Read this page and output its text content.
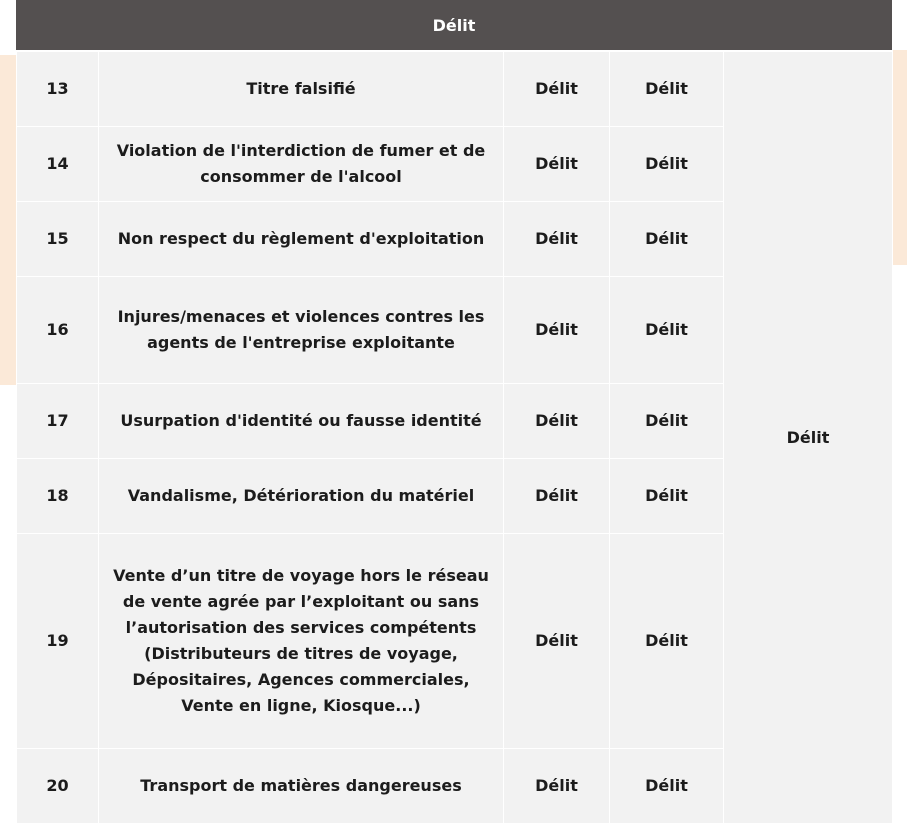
Délit
13	Titre falsifié	Délit	Délit	Délit
14	Violation de l'interdiction de fumer et de consommer de l'alcool	Délit	Délit	
15	Non respect du règlement d'exploitation	Délit	Délit	
16	Injures/menaces et violences contres les agents de l'entreprise exploitante	Délit	Délit	
17	Usurpation d'identité ou fausse identité	Délit	Délit	
18	Vandalisme, Détérioration du matériel	Délit	Délit	
19	Vente d’un titre de voyage hors le réseau de vente agrée par l’exploitant ou sans l’autorisation des services compétents (Distributeurs de titres de voyage, Dépositaires, Agences commerciales, Vente en ligne, Kiosque...)	Délit	Délit	
20	Transport de matières dangereuses	Délit	Délit	
